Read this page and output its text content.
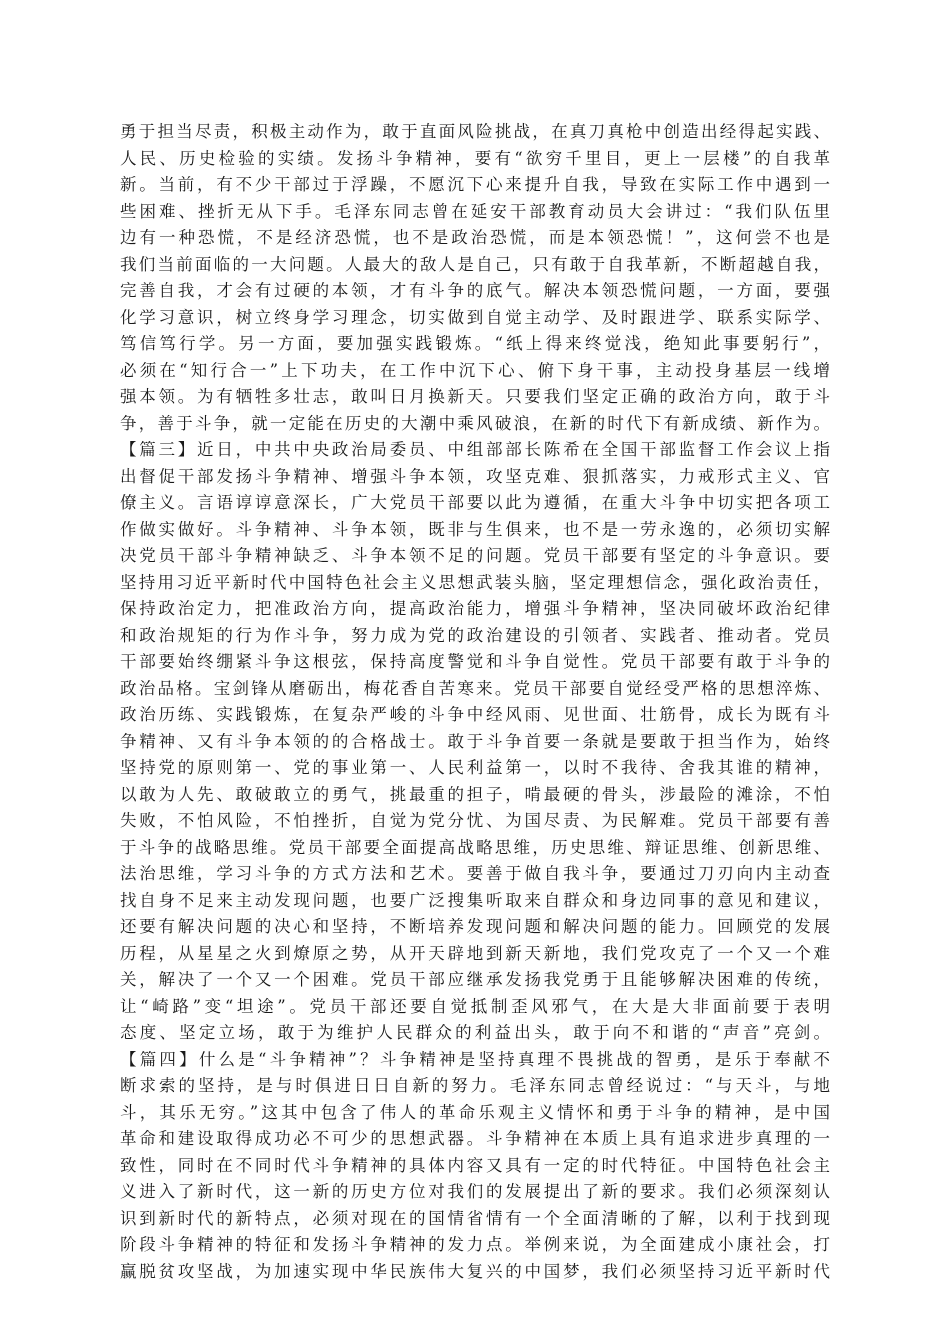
勇于担当尽责，积极主动作为，敢于直面风险挑战，在真刀真枪中创造出经得起实践、
人民、历史检验的实绩。发扬斗争精神，要有“欲穷千里目，更上一层楼”的自我革
新。当前，有不少干部过于浮躁，不愿沉下心来提升自我，导致在实际工作中遇到一
些困难、挫折无从下手。毛泽东同志曾在延安干部教育动员大会讲过：“我们队伍里
边有一种恐慌，不是经济恐慌，也不是政治恐慌，而是本领恐慌！”，这何尝不也是
我们当前面临的一大问题。人最大的敌人是自己，只有敢于自我革新，不断超越自我，
完善自我，才会有过硬的本领，才有斗争的底气。解决本领恐慌问题，一方面，要强
化学习意识，树立终身学习理念，切实做到自觉主动学、及时跟进学、联系实际学、
笃信笃行学。另一方面，要加强实践锻炼。“纸上得来终觉浅，绝知此事要躬行”，
必须在“知行合一”上下功夫，在工作中沉下心、俯下身干事，主动投身基层一线增
强本领。为有牺牲多壮志，敢叫日月换新天。只要我们坚定正确的政治方向，敢于斗
争，善于斗争，就一定能在历史的大潮中乘风破浪，在新的时代下有新成绩、新作为。
【篇三】近日，中共中央政治局委员、中组部部长陈希在全国干部监督工作会议上指
出督促干部发扬斗争精神、增强斗争本领，攻坚克难、狠抓落实，力戒形式主义、官
僚主义。言语谆谆意深长，广大党员干部要以此为遵循，在重大斗争中切实把各项工
作做实做好。斗争精神、斗争本领，既非与生俱来，也不是一劳永逸的，必须切实解
决党员干部斗争精神缺乏、斗争本领不足的问题。党员干部要有坚定的斗争意识。要
坚持用习近平新时代中国特色社会主义思想武装头脑，坚定理想信念，强化政治责任，
保持政治定力，把准政治方向，提高政治能力，增强斗争精神，坚决同破坏政治纪律
和政治规矩的行为作斗争，努力成为党的政治建设的引领者、实践者、推动者。党员
干部要始终绷紧斗争这根弦，保持高度警觉和斗争自觉性。党员干部要有敢于斗争的
政治品格。宝剑锋从磨砺出，梅花香自苦寒来。党员干部要自觉经受严格的思想淬炼、
政治历练、实践锻炼，在复杂严峻的斗争中经风雨、见世面、壮筋骨，成长为既有斗
争精神、又有斗争本领的的合格战士。敢于斗争首要一条就是要敢于担当作为，始终
坚持党的原则第一、党的事业第一、人民利益第一，以时不我待、舍我其谁的精神，
以敢为人先、敢破敢立的勇气，挑最重的担子，啃最硬的骨头，涉最险的滩涂，不怕
失败，不怕风险，不怕挫折，自觉为党分忧、为国尽责、为民解难。党员干部要有善
于斗争的战略思维。党员干部要全面提高战略思维，历史思维、辩证思维、创新思维、
法治思维，学习斗争的方式方法和艺术。要善于做自我斗争，要通过刀刃向内主动查
找自身不足来主动发现问题，也要广泛搜集听取来自群众和身边同事的意见和建议，
还要有解决问题的决心和坚持，不断培养发现问题和解决问题的能力。回顾党的发展
历程，从星星之火到燎原之势，从开天辟地到新天新地，我们党攻克了一个又一个难
关，解决了一个又一个困难。党员干部应继承发扬我党勇于且能够解决困难的传统，
让“崎路”变“坦途”。党员干部还要自觉抵制歪风邪气，在大是大非面前要于表明
态度、坚定立场，敢于为维护人民群众的利益出头，敢于向不和谐的“声音”亮剑。
【篇四】什么是“斗争精神”？斗争精神是坚持真理不畏挑战的智勇，是乐于奉献不
断求索的坚持，是与时俱进日日自新的努力。毛泽东同志曾经说过：“与天斗，与地
斗，其乐无穷。”这其中包含了伟人的革命乐观主义情怀和勇于斗争的精神，是中国
革命和建设取得成功必不可少的思想武器。斗争精神在本质上具有追求进步真理的一
致性，同时在不同时代斗争精神的具体内容又具有一定的时代特征。中国特色社会主
义进入了新时代，这一新的历史方位对我们的发展提出了新的要求。我们必须深刻认
识到新时代的新特点，必须对现在的国情省情有一个全面清晰的了解，以利于找到现
阶段斗争精神的特征和发扬斗争精神的发力点。举例来说，为全面建成小康社会，打
赢脱贫攻坚战，为加速实现中华民族伟大复兴的中国梦，我们必须坚持习近平新时代
